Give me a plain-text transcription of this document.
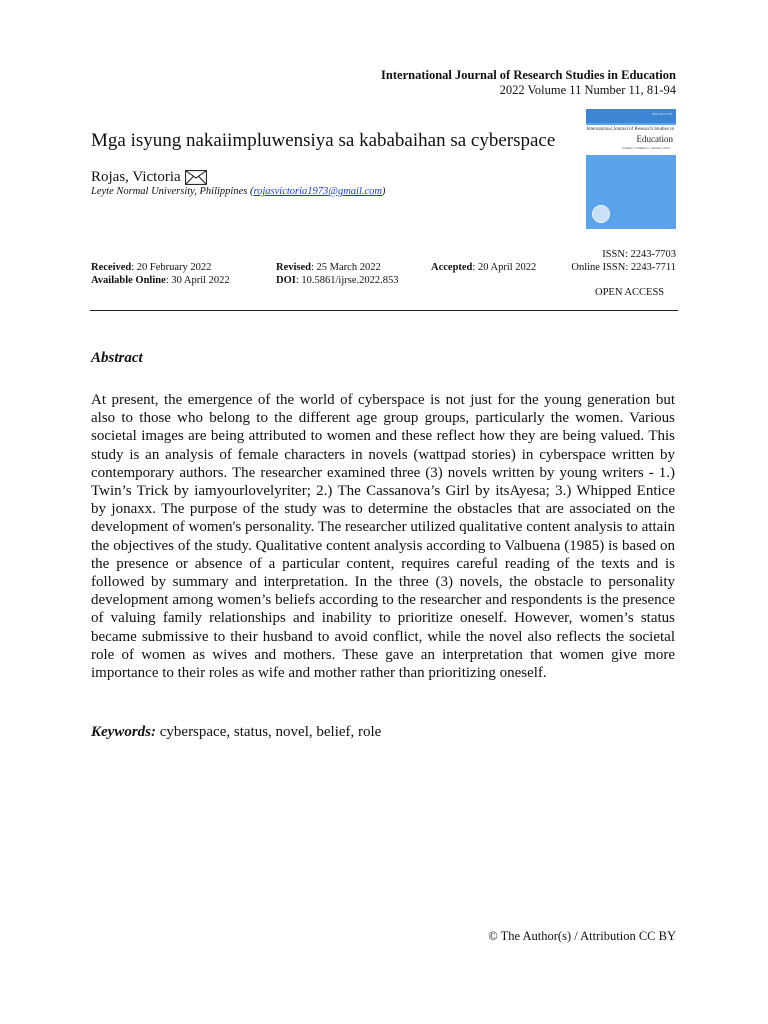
International Journal of Research Studies in Education
2022 Volume 11 Number 11, 81-94
Mga isyung nakaiimpluwensiya sa kababaihan sa cyberspace
Rojas, Victoria
Leyte Normal University, Philippines (rojasvictoria1973@gmail.com)
ISSN 2243-7703
International Journal of Research Studies in
Education
Volume 1 Number 1 January 2012
Received: 20 February 2022	Revised: 25 March 2022	Accepted: 20 April 2022
Available Online: 30 April 2022	DOI: 10.5861/ijrse.2022.853
ISSN: 2243-7703
Online ISSN: 2243-7711
OPEN ACCESS
Abstract

At present, the emergence of the world of cyberspace is not just for the young generation but also to those who belong to the different age group groups, particularly the women. Various societal images are being attributed to women and these reflect how they are being valued. This study is an analysis of female characters in novels (wattpad stories) in cyberspace written by contemporary authors. The researcher examined three (3) novels written by young writers - 1.) Twin’s Trick by iamyourlovelyriter; 2.) The Cassanova’s Girl by itsAyesa; 3.) Whipped Entice by jonaxx. The purpose of the study was to determine the obstacles that are associated on the development of women's personality. The researcher utilized qualitative content analysis to attain the objectives of the study. Qualitative content analysis according to Valbuena (1985) is based on the presence or absence of a particular content, requires careful reading of the texts and is followed by summary and interpretation. In the three (3) novels, the obstacle to personality development among women’s beliefs according to the researcher and respondents is the presence of valuing family relationships and inability to prioritize oneself. However, women’s status became submissive to their husband to avoid conflict, while the novel also reflects the societal role of women as wives and mothers. These gave an interpretation that women give more importance to their roles as wife and mother rather than prioritizing oneself.

Keywords: cyberspace, status, novel, belief, role
© The Author(s) / Attribution CC BY
